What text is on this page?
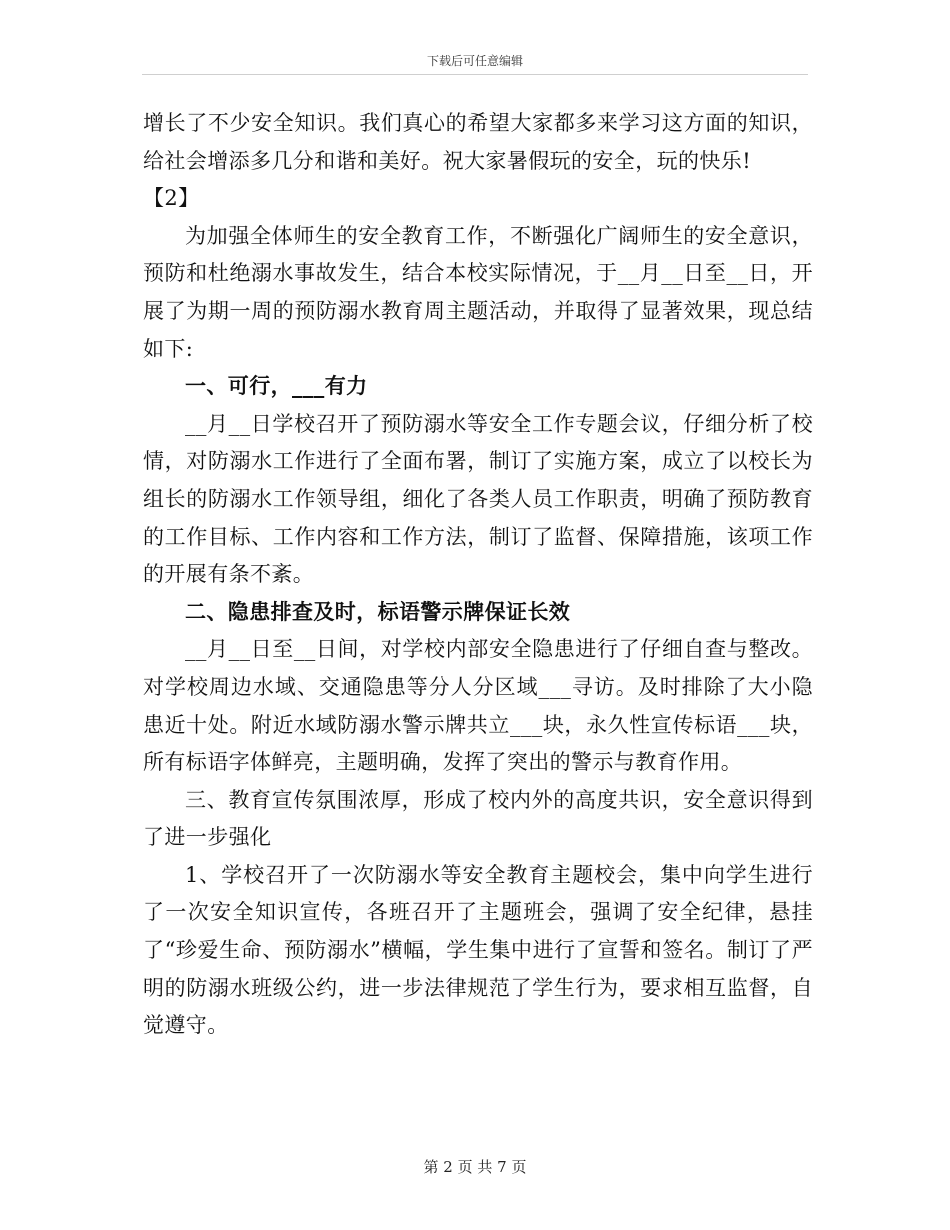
下载后可任意编辑

增长了不少安全知识。我们真心的希望大家都多来学习这方面的知识，给社会增添多几分和谐和美好。祝大家暑假玩的安全，玩的快乐!

【2】

为加强全体师生的安全教育工作，不断强化广阔师生的安全意识，预防和杜绝溺水事故发生，结合本校实际情况，于__月__日至__日，开展了为期一周的预防溺水教育周主题活动，并取得了显著效果，现总结如下:

一、可行，___有力

__月__日学校召开了预防溺水等安全工作专题会议，仔细分析了校情，对防溺水工作进行了全面布署，制订了实施方案，成立了以校长为组长的防溺水工作领导组，细化了各类人员工作职责，明确了预防教育的工作目标、工作内容和工作方法，制订了监督、保障措施，该项工作的开展有条不紊。

二、隐患排查及时，标语警示牌保证长效

__月__日至__日间，对学校内部安全隐患进行了仔细自查与整改。对学校周边水域、交通隐患等分人分区域___寻访。及时排除了大小隐患近十处。附近水域防溺水警示牌共立___块，永久性宣传标语___块，所有标语字体鲜亮，主题明确，发挥了突出的警示与教育作用。

三、教育宣传氛围浓厚，形成了校内外的高度共识，安全意识得到了进一步强化

1、学校召开了一次防溺水等安全教育主题校会，集中向学生进行了一次安全知识宣传，各班召开了主题班会，强调了安全纪律，悬挂了“珍爱生命、预防溺水”横幅，学生集中进行了宣誓和签名。制订了严明的防溺水班级公约，进一步法律规范了学生行为，要求相互监督，自觉遵守。

第 2 页 共 7 页
